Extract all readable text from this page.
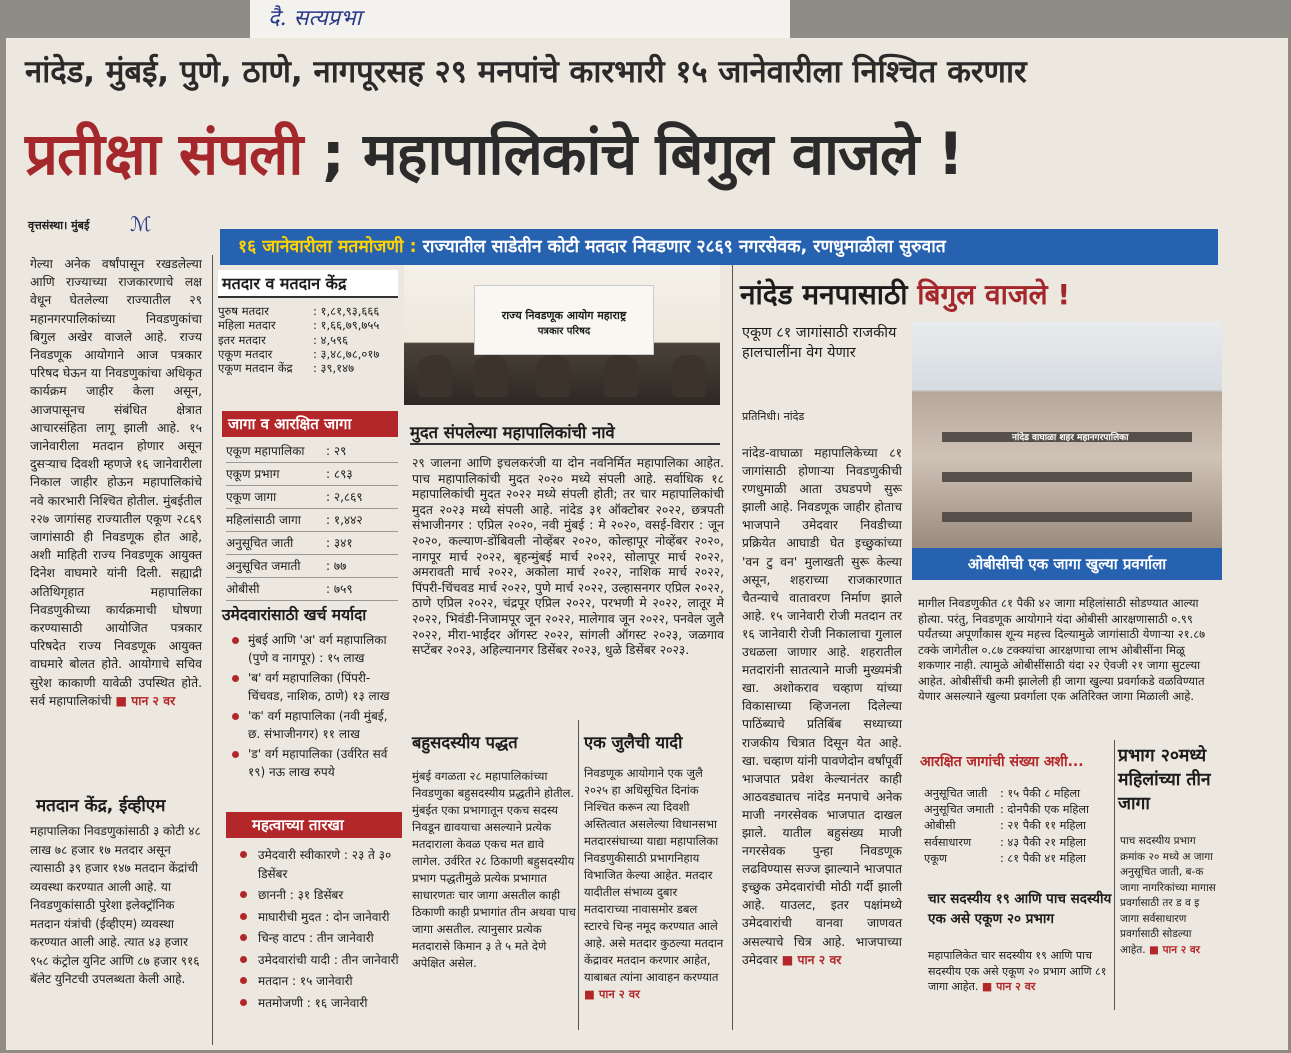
दै. सत्यप्रभा
नांदेड, मुंबई, पुणे, ठाणे, नागपूरसह २९ मनपांचे कारभारी १५ जानेवारीला निश्चित करणार
प्रतीक्षा संपली ; महापालिकांचे बिगुल वाजले !
वृत्तसंस्था। मुंबई ℳ
१६ जानेवारीला मतमोजणी : राज्यातील साडेतीन कोटी मतदार निवडणार २८६९ नगरसेवक, रणधुमाळीला सुरुवात
गेल्या अनेक वर्षांपासून रखडलेल्या आणि राज्याच्या राजकारणाचे लक्ष वेधून घेतलेल्या राज्यातील २९ महानगरपालिकांच्या निवडणुकांचा बिगुल अखेर वाजले आहे. राज्य निवडणूक आयोगाने आज पत्रकार परिषद घेऊन या निवडणुकांचा अधिकृत कार्यक्रम जाहीर केला असून, आजपासूनच संबंधित क्षेत्रात आचारसंहिता लागू झाली आहे. १५ जानेवारीला मतदान होणार असून दुसऱ्याच दिवशी म्हणजे १६ जानेवारीला निकाल जाहीर होऊन महापालिकांचे नवे कारभारी निश्चित होतील. मुंबईतील २२७ जागांसह राज्यातील एकूण २८६९ जागांसाठी ही निवडणूक होत आहे, अशी माहिती राज्य निवडणूक आयुक्त दिनेश वाघमारे यांनी दिली. सह्याद्री अतिथिगृहात महापालिका निवडणुकीच्या कार्यक्रमाची घोषणा करण्यासाठी आयोजित पत्रकार परिषदेत राज्य निवडणूक आयुक्त वाघमारे बोलत होते. आयोगाचे सचिव सुरेश काकाणी यावेळी उपस्थित होते. सर्व महापालिकांची ■ पान २ वर
मतदान केंद्र, ईव्हीएम
महापालिका निवडणुकांसाठी ३ कोटी ४८ लाख ७८ हजार १७ मतदार असून त्यासाठी ३९ हजार १४७ मतदान केंद्रांची व्यवस्था करण्यात आली आहे. या निवडणुकांसाठी पुरेशा इलेक्ट्रॉनिक मतदान यंत्रांची (ईव्हीएम) व्यवस्था करण्यात आली आहे. त्यात ४३ हजार ९५८ कंट्रोल युनिट आणि ८७ हजार ९१६ बॅलेट युनिटची उपलब्धता केली आहे.
मतदार व मतदान केंद्र
पुरुष मतदार	: १,८१,९३,६६६
महिला मतदार	: १,६६,७९,७५५
इतर मतदार	: ४,५९६
एकूण मतदार	: ३,४८,७८,०१७
एकूण मतदान केंद्र	: ३९,१४७
जागा व आरक्षित जागा
एकूण महापालिका	: २९
एकूण प्रभाग	: ८९३
एकूण जागा	: २,८६९
महिलांसाठी जागा	: १,४४२
अनुसूचित जाती	: ३४१
अनुसूचित जमाती	: ७७
ओबीसी	: ७५९
उमेदवारांसाठी खर्च मर्यादा
मुंबई आणि 'अ' वर्ग महापालिका (पुणे व नागपूर) : १५ लाख
'ब' वर्ग महापालिका (पिंपरी-चिंचवड, नाशिक, ठाणे) १३ लाख
'क' वर्ग महापालिका (नवी मुंबई, छ. संभाजीनगर) ११ लाख
'ड' वर्ग महापालिका (उर्वरित सर्व १९) नऊ लाख रुपये
महत्वाच्या तारखा
उमेदवारी स्वीकारणे : २३ ते ३० डिसेंबर
छाननी : ३१ डिसेंबर
माघारीची मुदत : दोन जानेवारी
चिन्ह वाटप : तीन जानेवारी
उमेदवारांची यादी : तीन जानेवारी
मतदान : १५ जानेवारी
मतमोजणी : १६ जानेवारी
राज्य निवडणूक आयोग महाराष्ट्र
पत्रकार परिषद
मुदत संपलेल्या महापालिकांची नावे
२९ जालना आणि इचलकरंजी या दोन नवनिर्मित महापालिका आहेत. पाच महापालिकांची मुदत २०२० मध्ये संपली आहे. सर्वाधिक १८ महापालिकांची मुदत २०२२ मध्ये संपली होती; तर चार महापालिकांची मुदत २०२३ मध्ये संपली आहे. नांदेड ३१ ऑक्टोबर २०२२, छत्रपती संभाजीनगर : एप्रिल २०२०, नवी मुंबई : मे २०२०, वसई-विरार : जून २०२०, कल्याण-डोंबिवली नोव्हेंबर २०२०, कोल्हापूर नोव्हेंबर २०२०, नागपूर मार्च २०२२, बृहन्मुंबई मार्च २०२२, सोलापूर मार्च २०२२, अमरावती मार्च २०२२, अकोला मार्च २०२२, नाशिक मार्च २०२२, पिंपरी-चिंचवड मार्च २०२२, पुणे मार्च २०२२, उल्हासनगर एप्रिल २०२२, ठाणे एप्रिल २०२२, चंद्रपूर एप्रिल २०२२, परभणी मे २०२२, लातूर मे २०२२, भिवंडी-निजामपूर जून २०२२, मालेगाव जून २०२२, पनवेल जुलै २०२२, मीरा-भाईंदर ऑगस्ट २०२२, सांगली ऑगस्ट २०२३, जळगाव सप्टेंबर २०२३, अहिल्यानगर डिसेंबर २०२३, धुळे डिसेंबर २०२३.
बहुसदस्यीय पद्धत
मुंबई वगळता २८ महापालिकांच्या निवडणुका बहुसदस्यीय प्रद्धतीने होतील. मुंबईत एका प्रभागातून एकच सदस्य निवडून द्यावयाचा असल्याने प्रत्येक मतदाराला केवळ एकच मत द्यावे लागेल. उर्वरित २८ ठिकाणी बहुसदस्यीय प्रभाग पद्धतीमुळे प्रत्येक प्रभागात साधारणतः चार जागा असतील काही ठिकाणी काही प्रभागांत तीन अथवा पाच जागा असतील. त्यानुसार प्रत्येक मतदारासे किमान ३ ते ५ मते देणे अपेक्षित असेल.
एक जुलैची यादी
निवडणूक आयोगाने एक जुलै २०२५ हा अधिसूचित दिनांक निश्चित करून त्या दिवशी अस्तित्वात असलेल्या विधानसभा मतदारसंघाच्या याद्या महापालिका निवडणुकीसाठी प्रभागनिहाय विभाजित केल्या आहेत. मतदार यादीतील संभाव्य दुबार मतदाराच्या नावासमोर डबल स्टारचे चिन्ह नमूद करण्यात आले आहे. असे मतदार कुठल्या मतदान केंद्रावर मतदान करणार आहेत, याबाबत त्यांना आवाहन करण्यात ■ पान २ वर
नांदेड मनपासाठी बिगुल वाजले !
एकूण ८१ जागांसाठी राजकीय हालचालींना वेग येणार
प्रतिनिधी। नांदेड
नांदेड-वाघाळा महापालिकेच्या ८१ जागांसाठी होणाऱ्या निवडणुकीची रणधुमाळी आता उघडपणे सुरू झाली आहे. निवडणूक जाहीर होताच भाजपाने उमेदवार निवडीच्या प्रक्रियेत आघाडी घेत इच्छुकांच्या 'वन टु वन' मुलाखती सुरू केल्या असून, शहराच्या राजकारणात चैतन्याचे वातावरण निर्माण झाले आहे. १५ जानेवारी रोजी मतदान तर १६ जानेवारी रोजी निकालाचा गुलाल उधळला जाणार आहे. शहरातील मतदारांनी सातत्याने माजी मुख्यमंत्री खा. अशोकराव चव्हाण यांच्या विकासाच्या व्हिजनला दिलेल्या पाठिंब्याचे प्रतिबिंब सध्याच्या राजकीय चित्रात दिसून येत आहे. खा. चव्हाण यांनी पावणेदोन वर्षांपूर्वी भाजपात प्रवेश केल्यानंतर काही आठवड्यातच नांदेड मनपाचे अनेक माजी नगरसेवक भाजपात दाखल झाले. यातील बहुसंख्य माजी नगरसेवक पुन्हा निवडणूक लढविण्यास सज्ज झाल्याने भाजपात इच्छुक उमेदवारांची मोठी गर्दी झाली आहे. याउलट, इतर पक्षांमध्ये उमेदवारांची वानवा जाणवत असल्याचे चित्र आहे. भाजपाच्या उमेदवार ■ पान २ वर
नांदेड वाघाळा शहर महानगरपालिका
ओबीसीची एक जागा खुल्या प्रवर्गाला
मागील निवडणुकीत ८१ पैकी ४२ जागा महिलांसाठी सोडण्यात आल्या होत्या. परंतु, निवडणूक आयोगाने यंदा ओबीसी आरक्षणासाठी ०.९९ पर्यंतच्या अपूर्णांकास शून्य महत्त्व दिल्यामुळे जागांसाठी येणाऱ्या २१.८७ टक्के जागेतील ०.८७ टक्क्यांचा आरक्षणाचा लाभ ओबीसींना मिळू शकणार नाही. त्यामुळे ओबीसींसाठी यंदा २२ ऐवजी २१ जागा सुटल्या आहेत. ओबीसींची कमी झालेली ही जागा खुल्या प्रवर्गाकडे वळविण्यात येणार असल्याने खुल्या प्रवर्गाला एक अतिरिक्त जागा मिळाली आहे.
आरक्षित जागांची संख्या अशी...
अनुसूचित जाती	: १५ पैकी ८ महिला
अनुसूचित जमाती : दोनपैकी एक महिला
ओबीसी	: २१ पैकी ११ महिला
सर्वसाधारण	: ४३ पैकी २१ महिला
एकूण	: ८१ पैकी ४१ महिला
प्रभाग २०मध्ये महिलांच्या तीन जागा
पाच सदस्यीय प्रभाग क्रमांक २० मध्ये अ जागा अनुसूचित जाती, ब-क जागा नागरिकांच्या मागास प्रवर्गासाठी तर ड व इ जागा सर्वसाधारण प्रवर्गासाठी सोडल्या आहेत. ■ पान २ वर
चार सदस्यीय १९ आणि पाच सदस्यीय एक असे एकूण २० प्रभाग
महापालिकेत चार सदस्यीय १९ आणि पाच सदस्यीय एक असे एकूण २० प्रभाग आणि ८१ जागा आहेत. ■ पान २ वर
